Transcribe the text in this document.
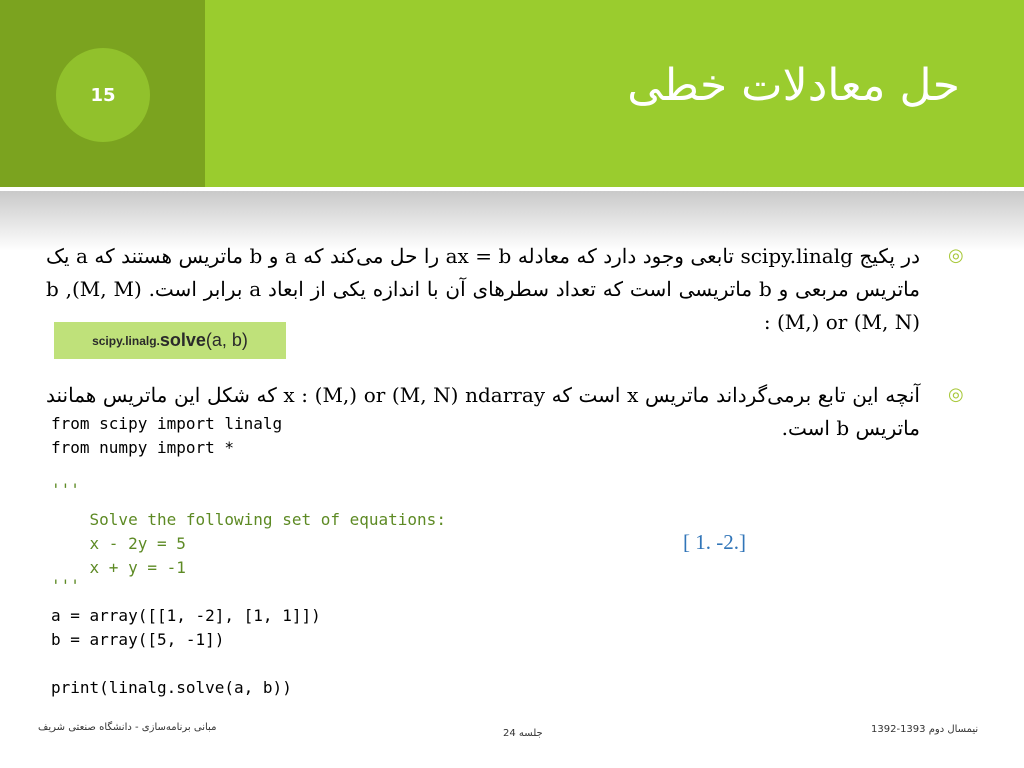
15	حل معادلات خطی
◎
در پکیج scipy.linalg تابعی وجود دارد که معادله ax = b را حل می‌کند که a و b ماتریس هستند که a یک ماتریس مربعی و b ماتریسی است که تعداد سطرهای آن با اندازه یکی از ابعاد a برابر است. (M, M), b : (M,) or (M, N)
scipy.linalg. solve (a, b)
◎
آنچه این تابع برمی‌گرداند ماتریس x است که x : (M,) or (M, N) ndarray که شکل این ماتریس همانند ماتریس b است.
from scipy import linalg
from numpy import *
'''
Solve the following set of equations:
x - 2y = 5
x + y = -1
'''
a = array([[1, -2], [1, 1]])
b = array([5, -1])
print(linalg.solve(a, b))
[ 1. -2.]
مبانی برنامه‌سازی - دانشگاه صنعتی شریف
جلسه 24	نیمسال دوم 1393-1392
